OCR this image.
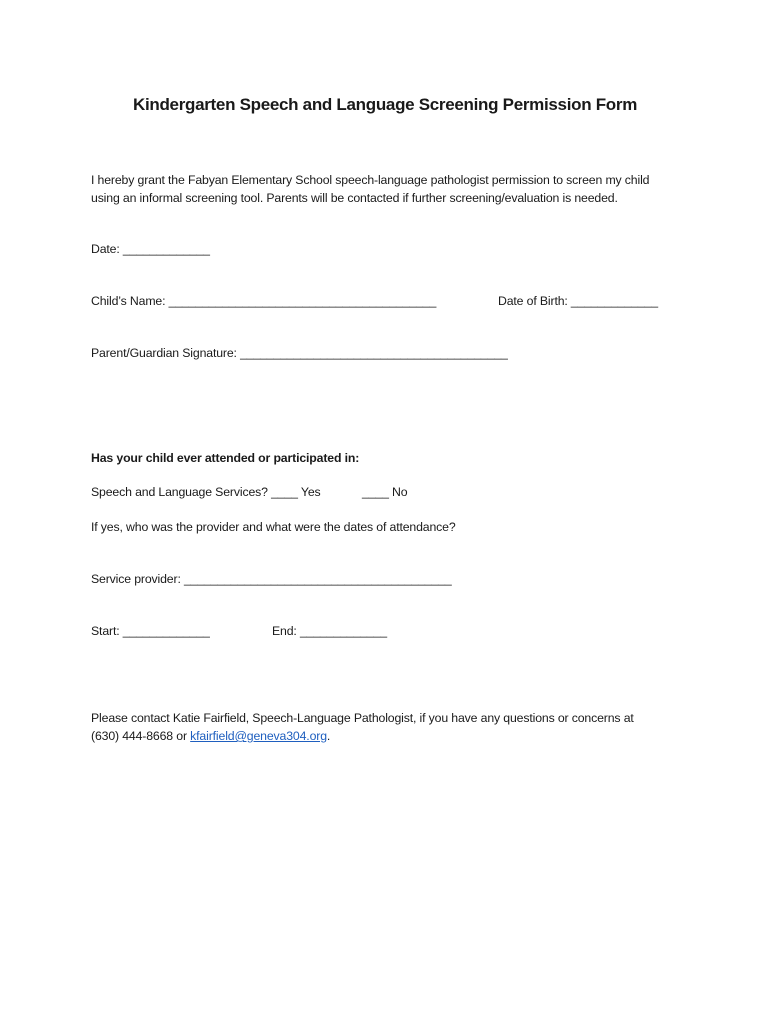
Kindergarten Speech and Language Screening Permission Form
I hereby grant the Fabyan Elementary School speech-language pathologist permission to screen my child
using an informal screening tool. Parents will be contacted if further screening/evaluation is needed.
Date: _____________
Child’s Name: ________________________________________	Date of Birth: _____________
Parent/Guardian Signature: ________________________________________
Has your child ever attended or participated in:
Speech and Language Services? ____ Yes	____ No
If yes, who was the provider and what were the dates of attendance?
Service provider: ________________________________________
Start: _____________	End: _____________
Please contact Katie Fairfield, Speech-Language Pathologist, if you have any questions or concerns at
(630) 444-8668 or kfairfield@geneva304.org.
